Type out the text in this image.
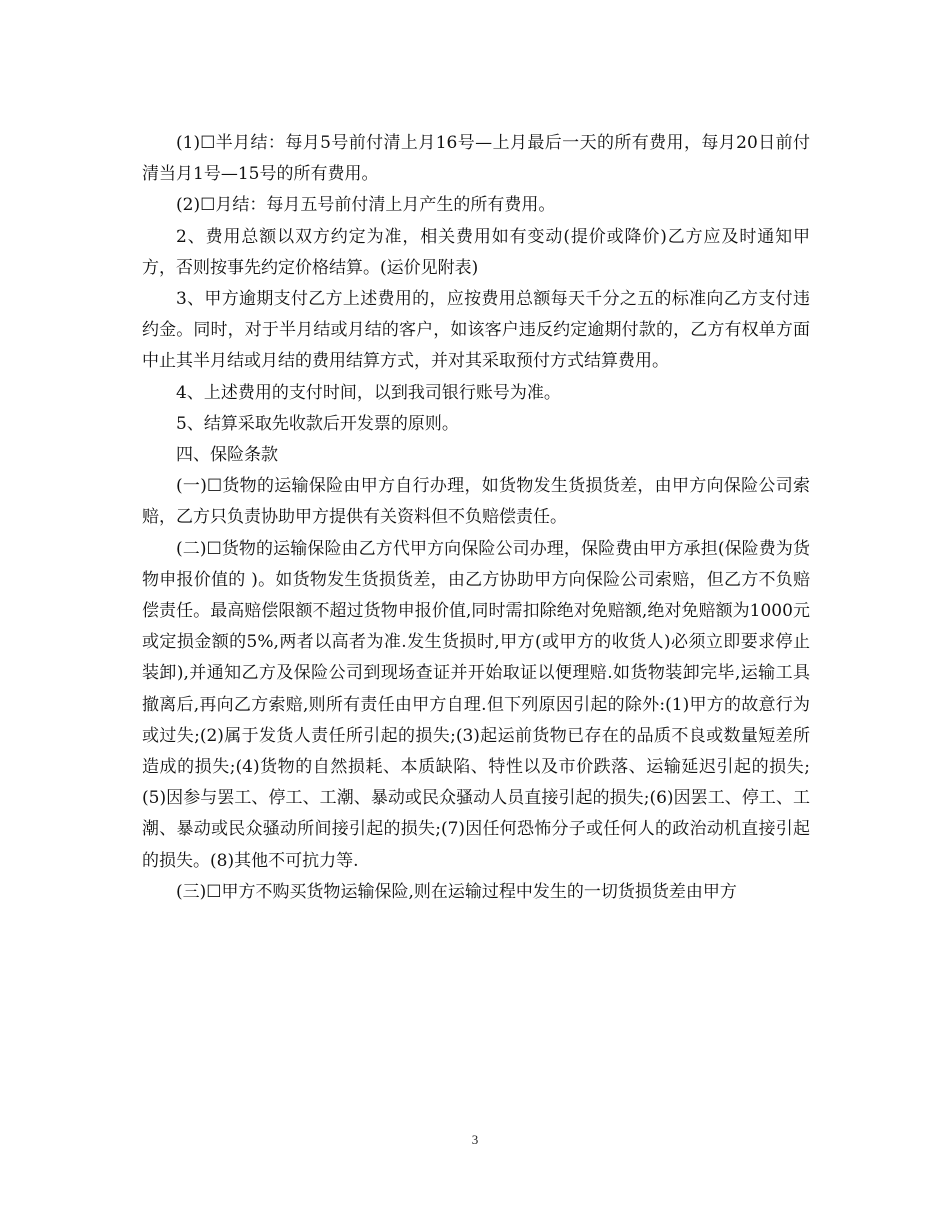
(1)☐半月结：每月5号前付清上月16号—上月最后一天的所有费用，每月20日前付清当月1号—15号的所有费用。

(2)☐月结：每月五号前付清上月产生的所有费用。

2、费用总额以双方约定为准，相关费用如有变动(提价或降价)乙方应及时通知甲方，否则按事先约定价格结算。(运价见附表)

3、甲方逾期支付乙方上述费用的，应按费用总额每天千分之五的标准向乙方支付违约金。同时，对于半月结或月结的客户，如该客户违反约定逾期付款的，乙方有权单方面中止其半月结或月结的费用结算方式，并对其采取预付方式结算费用。

4、上述费用的支付时间，以到我司银行账号为准。

5、结算采取先收款后开发票的原则。

四、保险条款

(一)☐货物的运输保险由甲方自行办理，如货物发生货损货差，由甲方向保险公司索赔，乙方只负责协助甲方提供有关资料但不负赔偿责任。

(二)☐货物的运输保险由乙方代甲方向保险公司办理，保险费由甲方承担(保险费为货物申报价值的 )。如货物发生货损货差，由乙方协助甲方向保险公司索赔，但乙方不负赔偿责任。最高赔偿限额不超过货物申报价值,同时需扣除绝对免赔额,绝对免赔额为1000元或定损金额的5%,两者以高者为准.发生货损时,甲方(或甲方的收货人)必须立即要求停止装卸),并通知乙方及保险公司到现场查证并开始取证以便理赔.如货物装卸完毕,运输工具撤离后,再向乙方索赔,则所有责任由甲方自理.但下列原因引起的除外:(1)甲方的故意行为或过失;(2)属于发货人责任所引起的损失;(3)起运前货物已存在的品质不良或数量短差所造成的损失;(4)货物的自然损耗、本质缺陷、特性以及市价跌落、运输延迟引起的损失;(5)因参与罢工、停工、工潮、暴动或民众骚动人员直接引起的损失;(6)因罢工、停工、工潮、暴动或民众骚动所间接引起的损失;(7)因任何恐怖分子或任何人的政治动机直接引起的损失。(8)其他不可抗力等.

(三)☐甲方不购买货物运输保险,则在运输过程中发生的一切货损货差由甲方

3
